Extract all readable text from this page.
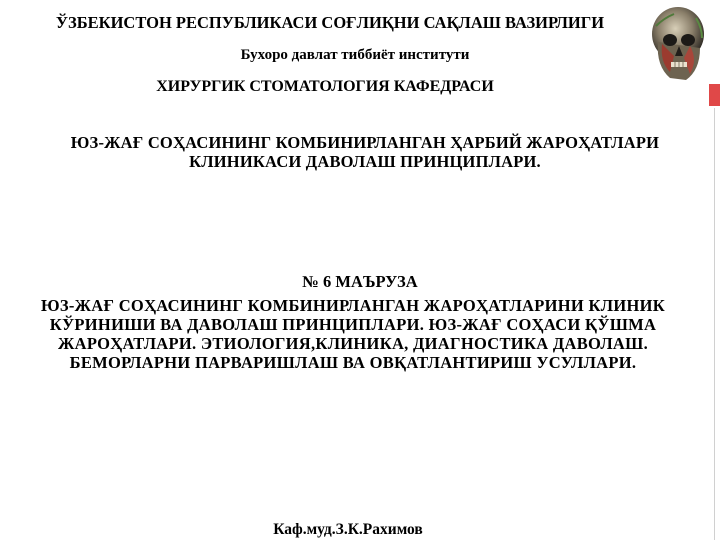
ЎЗБЕКИСТОН РЕСПУБЛИКАСИ СОҒЛИҚНИ САҚЛАШ ВАЗИРЛИГИ
Бухоро давлат тиббиёт институти
ХИРУРГИК СТОМАТОЛОГИЯ КАФЕДРАСИ
ЮЗ-ЖАҒ СОҲАСИНИНГ КОМБИНИРЛАНГАН ҲАРБИЙ ЖАРОҲАТЛАРИ КЛИНИКАСИ ДАВОЛАШ ПРИНЦИПЛАРИ.
№ 6 МАЪРУЗА
ЮЗ-ЖАҒ СОҲАСИНИНГ КОМБИНИРЛАНГАН ЖАРОҲАТЛАРИНИ КЛИНИК КЎРИНИШИ ВА ДАВОЛАШ ПРИНЦИПЛАРИ. ЮЗ-ЖАҒ СОҲАСИ ҚЎШМА ЖАРОҲАТЛАРИ. ЭТИОЛОГИЯ,КЛИНИКА, ДИАГНОСТИКА ДАВОЛАШ. БЕМОРЛАРНИ ПАРВАРИШЛАШ ВА ОВҚАТЛАНТИРИШ УСУЛЛАРИ.
Каф.муд.З.К.Рахимов
